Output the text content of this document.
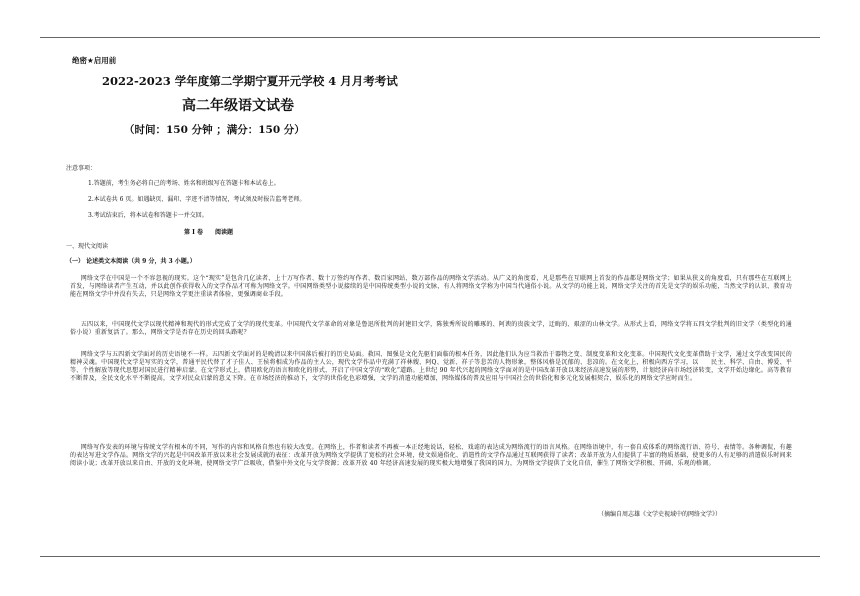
绝密★启用前
2022-2023 学年度第二学期宁夏开元学校 4 月月考考试
高二年级语文试卷
（时间：150 分钟 ；满分：150 分）
注意事项：
1.答题前，考生务必将自己的考场、姓名和班级写在答题卡和本试卷上。
2.本试卷共 6 页。如遇缺页、漏印、字迹不清等情况，考试须及时报告监考老师。
3.考试结束后，将本试卷和答题卡一并交回。
第 I 卷　　阅读题
一、现代文阅读
（一） 论述类文本阅读（共 9 分，共 3 小题。）
网络文学在中国是一个不容忽视的现实。这个“现实”是包含几亿读者、上十万写作者、数十万签约写作者、数百家网站、数万部作品的网络文学活动。从广义的角度看，凡是那些在互联网上首发的作品都是网络文学；如果从狭义的角度看，只有那些在互联网上首发，与网络读者产生互动，并以此创作获得收入的文学作品才可称为网络文学。中国网络类型小说接续的是中国传统类型小说的文脉，有人将网络文学称为中国当代通俗小说。从文学的功能上说，网络文学关注的首先是文学的娱乐功能，当然文学的认识、教育功能在网络文学中并没有失去，只是网络文学更注重读者体验，更强调商业手段。
五四以来，中国现代文学以现代精神和现代的形式完成了文学的现代变革。中国现代文学革命的对象是鲁迅所批判的封建旧文学，陈独秀所说的雕琢的、阿谀的贵族文学，迂晦的、艰涩的山林文学。从形式上看，网络文学将五四文学批判的旧文学（类型化的通俗小说）重新复活了。那么，网络文学是否存在历史的回头路呢？
网络文学与五四新文学面对的历史语境不一样。五四新文学面对的是晚清以来中国落后被打的历史局面。救国、图强是文化先驱们面临的根本任务，因此他们认为应当救治于器物之变、制度变革和文化变革。中国现代文化变革借助于文学，通过文学改变国民的精神灵魂。中国现代文学是写实的文学，普通平民代替了才子佳人、王侯将相成为作品的主人公，现代文学作品中充满了祥林嫂、阿Q、觉新、祥子等悲苦的人物形象，整体风格是沉郁的、悲凉的。在文化上，积极向西方学习，以　　民主、科学、自由、博爱、平等、个性解放等现代思想对国民进行精神启蒙。在文学形式上，借用欧化的语言和欧化的形式，开启了中国文学的“欧化”道路。上世纪 90 年代兴起的网络文学面对的是中国改革开放以来经济高速发展的形势，计划经济向市场经济转变，文学开始边缘化。高等教育不断普及，全民文化水平不断提高，文学对民众启蒙的意义下降。在市场经济的推动下，文学的世俗化色彩增强，文学的消遣功能增加，网络媒体的普及应用与中国社会的世俗化和多元化发展相契合，娱乐化的网络文学应时而生。
网络写作发表的环境与传统文学有根本的不同，写作的内容和风格自然也有较大改变。在网络上，作者和读者不再被一本正经地说话，轻松、戏谑的表达成为网络流行的语言风格。在网络语境中，有一套自成体系的网络流行语、符号、表情等。各种调侃，有趣的表达写进文学作品。网络文学的兴起是中国改革开放以来社会发展成就的表征：改革开放为网络文学提供了宽松的社会环境，使文娱通俗化、消遣性的文学作品通过互联网获得了读者；改革开放为人们提供了丰富的物质基础，使更多的人有足够的消遣娱乐时间来阅读小说；改革开放以来自由、开放的文化环境，使网络文学广泛吸收，借鉴中外文化与文学资源；改革开放 40 年经济高速发展的现实极大地增强了我国的国力，为网络文学提供了文化自信，催生了网络文学积极、开阔、乐观的格调。
（摘编自周志雄《文学史视域中的网络文学》）
